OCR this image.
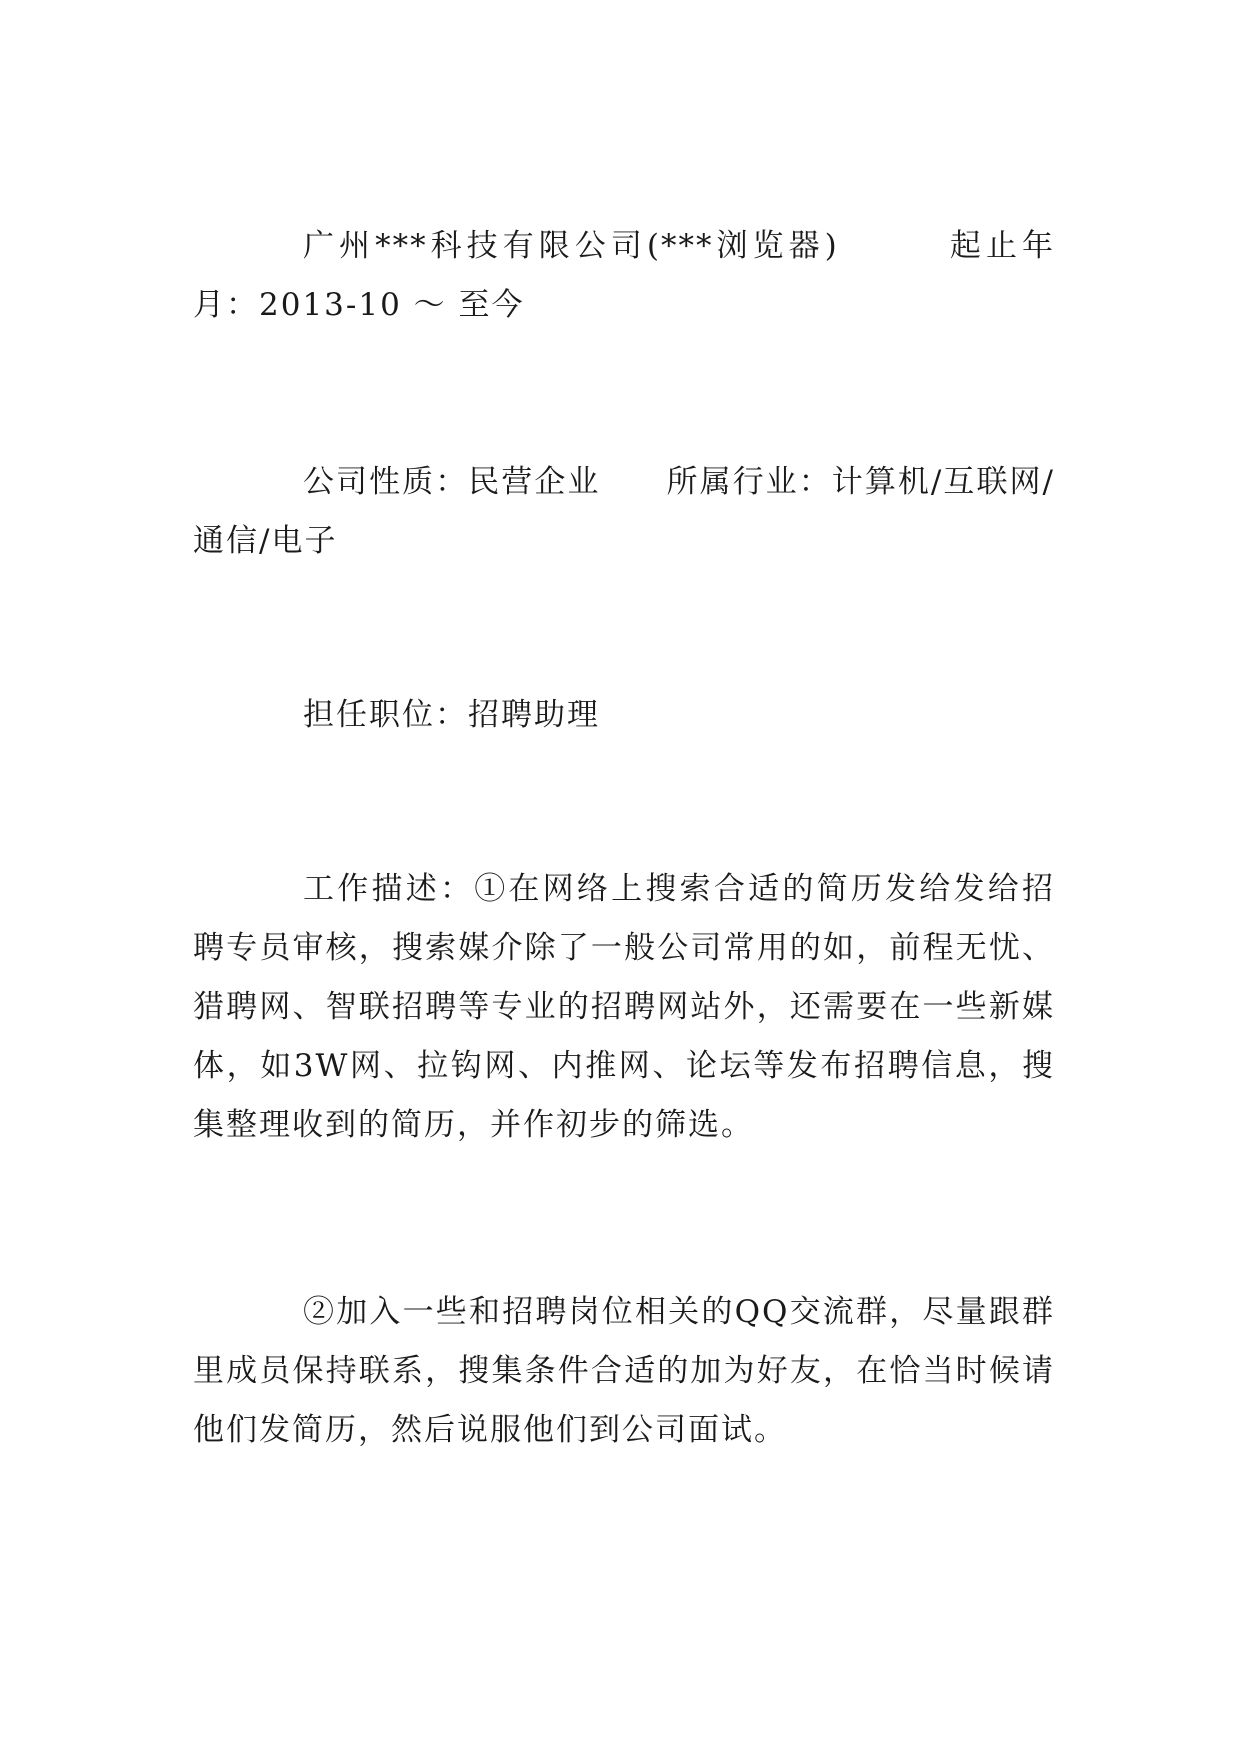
广州***科技有限公司(***浏览器)　　　起止年月：2013-10 ～ 至今

公司性质：民营企业　　所属行业：计算机/互联网/通信/电子

担任职位：招聘助理

工作描述：①在网络上搜索合适的简历发给发给招聘专员审核，搜索媒介除了一般公司常用的如，前程无忧、猎聘网、智联招聘等专业的招聘网站外，还需要在一些新媒体，如3W网、拉钩网、内推网、论坛等发布招聘信息，搜集整理收到的简历，并作初步的筛选。

②加入一些和招聘岗位相关的QQ交流群，尽量跟群里成员保持联系，搜集条件合适的加为好友，在恰当时候请他们发简历，然后说服他们到公司面试。
